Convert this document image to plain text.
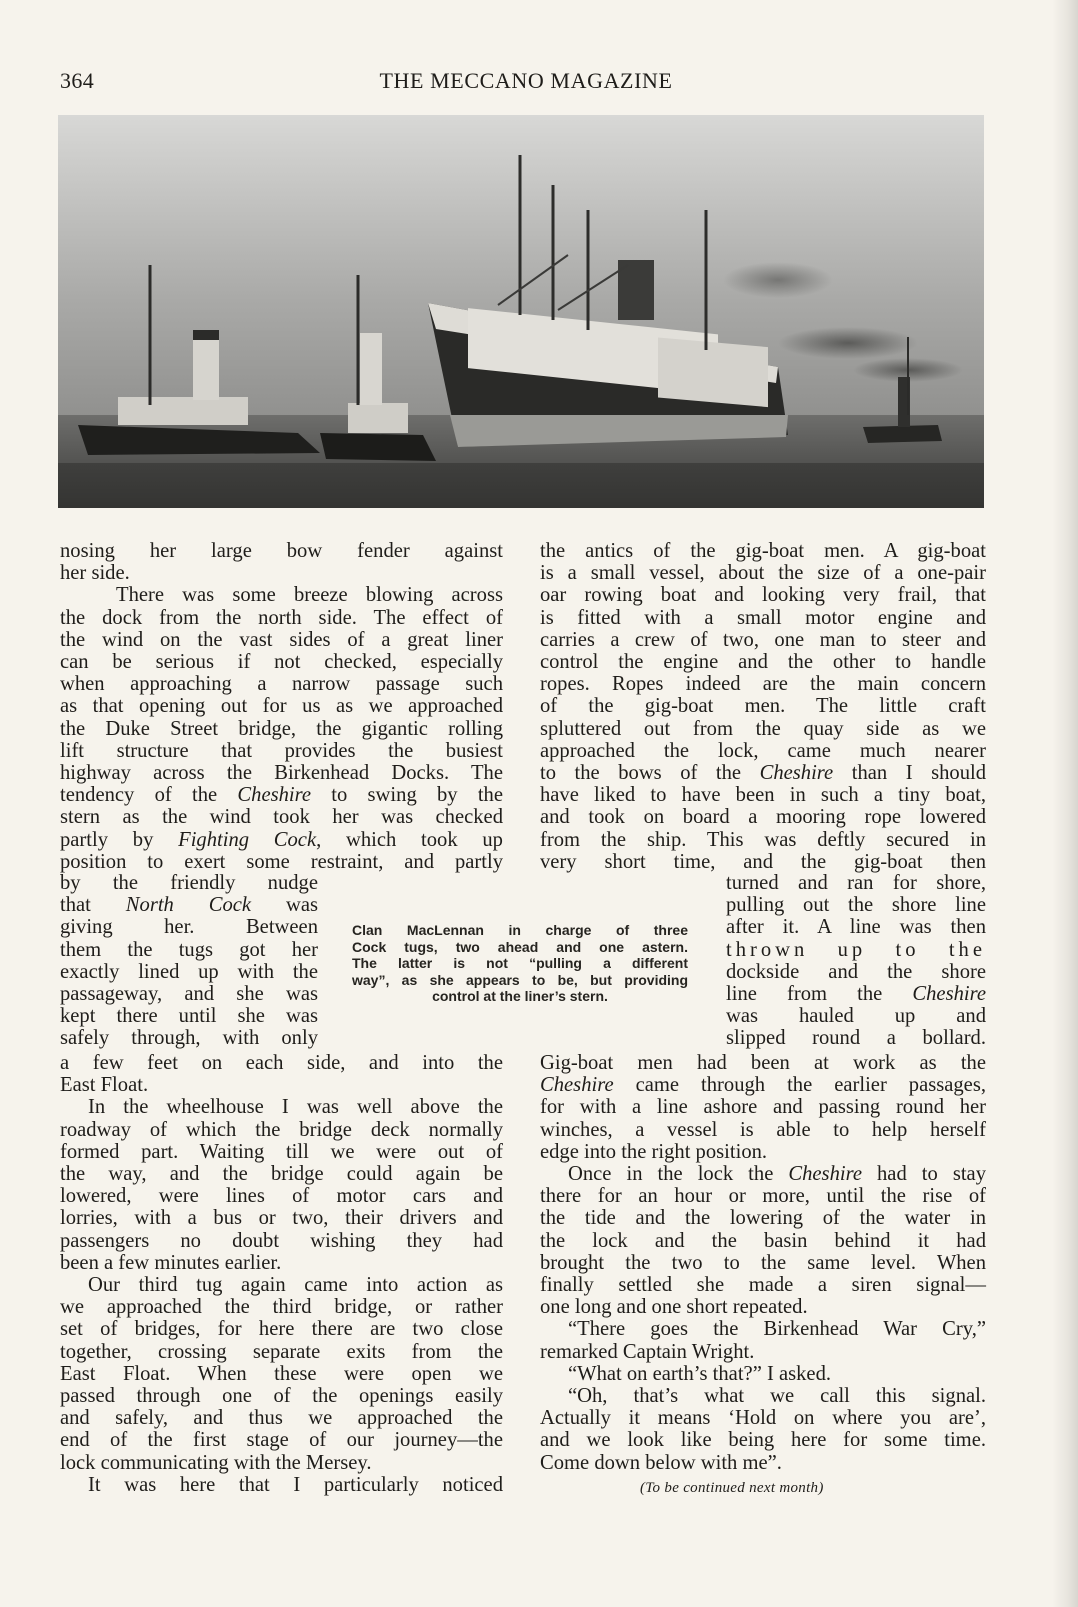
364	THE MECCANO MAGAZINE
nosing her large bow fender against
her side.
There was some breeze blowing across
the dock from the north side. The effect of
the wind on the vast sides of a great liner
can be serious if not checked, especially
when approaching a narrow passage such
as that opening out for us as we approached
the Duke Street bridge, the gigantic rolling
lift structure that provides the busiest
highway across the Birkenhead Docks. The
tendency of the Cheshire to swing by the
stern as the wind took her was checked
partly by Fighting Cock, which took up
position to exert some restraint, and partly
the antics of the gig-boat men. A gig-boat
is a small vessel, about the size of a one-pair
oar rowing boat and looking very frail, that
is fitted with a small motor engine and
carries a crew of two, one man to steer and
control the engine and the other to handle
ropes. Ropes indeed are the main concern
of the gig-boat men. The little craft
spluttered out from the quay side as we
approached the lock, came much nearer
to the bows of the Cheshire than I should
have liked to have been in such a tiny boat,
and took on board a mooring rope lowered
from the ship. This was deftly secured in
very short time, and the gig-boat then
by the friendly nudge
that North Cock was
giving her. Between
them the tugs got her
exactly lined up with the
passageway, and she was
kept there until she was
safely through, with only
Clan MacLennan in charge of three
Cock tugs, two ahead and one astern.
The latter is not “pulling a different
way”, as she appears to be, but providing
control at the liner’s stern.
turned and ran for shore,
pulling out the shore line
after it. A line was then
thrown up to the
dockside and the shore
line from the Cheshire
was hauled up and
slipped round a bollard.
a few feet on each side, and into the
East Float.
In the wheelhouse I was well above the
roadway of which the bridge deck normally
formed part. Waiting till we were out of
the way, and the bridge could again be
lowered, were lines of motor cars and
lorries, with a bus or two, their drivers and
passengers no doubt wishing they had
been a few minutes earlier.
Our third tug again came into action as
we approached the third bridge, or rather
set of bridges, for here there are two close
together, crossing separate exits from the
East Float. When these were open we
passed through one of the openings easily
and safely, and thus we approached the
end of the first stage of our journey—the
lock communicating with the Mersey.
It was here that I particularly noticed
Gig-boat men had been at work as the
Cheshire came through the earlier passages,
for with a line ashore and passing round her
winches, a vessel is able to help herself
edge into the right position.
Once in the lock the Cheshire had to stay
there for an hour or more, until the rise of
the tide and the lowering of the water in
the lock and the basin behind it had
brought the two to the same level. When
finally settled she made a siren signal—
one long and one short repeated.
“There goes the Birkenhead War Cry,”
remarked Captain Wright.
“What on earth’s that?” I asked.
“Oh, that’s what we call this signal.
Actually it means ‘Hold on where you are’,
and we look like being here for some time.
Come down below with me”.
(To be continued next month)
